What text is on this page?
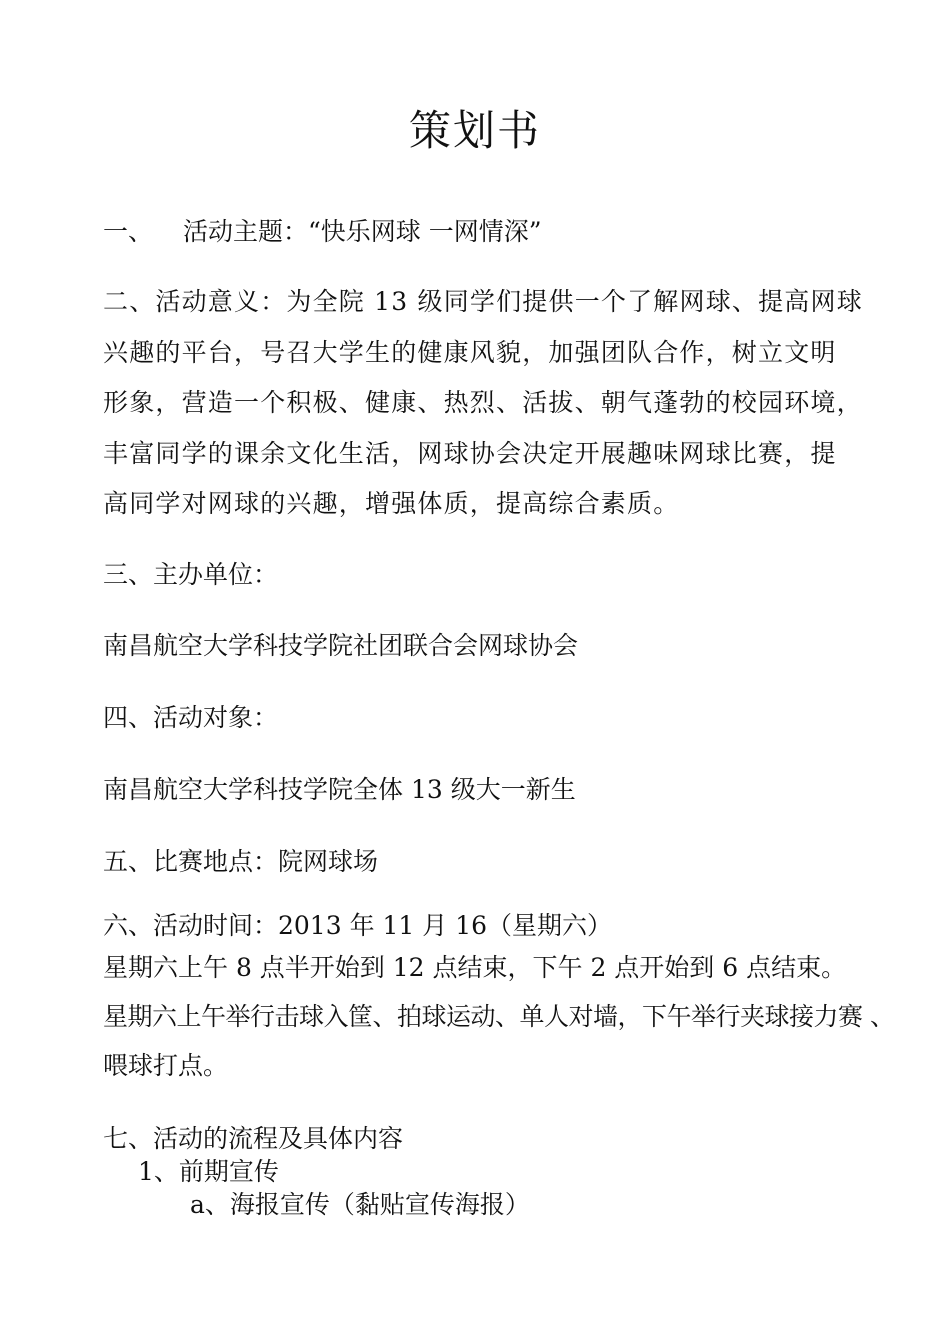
策划书
一、 活动主题：“快乐网球 一网情深”
二、活动意义：为全院 13 级同学们提供一个了解网球、提高网球
兴趣的平台，号召大学生的健康风貌，加强团队合作，树立文明
形象，营造一个积极、健康、热烈、活拔、朝气蓬勃的校园环境，
丰富同学的课余文化生活，网球协会决定开展趣味网球比赛，提
高同学对网球的兴趣，增强体质，提高综合素质。
三、主办单位：
南昌航空大学科技学院社团联合会网球协会
四、活动对象：
南昌航空大学科技学院全体 13 级大一新生
五、比赛地点：院网球场
六、活动时间：2013 年 11 月 16（星期六）
星期六上午 8 点半开始到 12 点结束，下午 2 点开始到 6 点结束。
星期六上午举行击球入筐、拍球运动、单人对墙，下午举行夹球接力赛 、
喂球打点。
七、活动的流程及具体内容
1、前期宣传
a、海报宣传（黏贴宣传海报）
